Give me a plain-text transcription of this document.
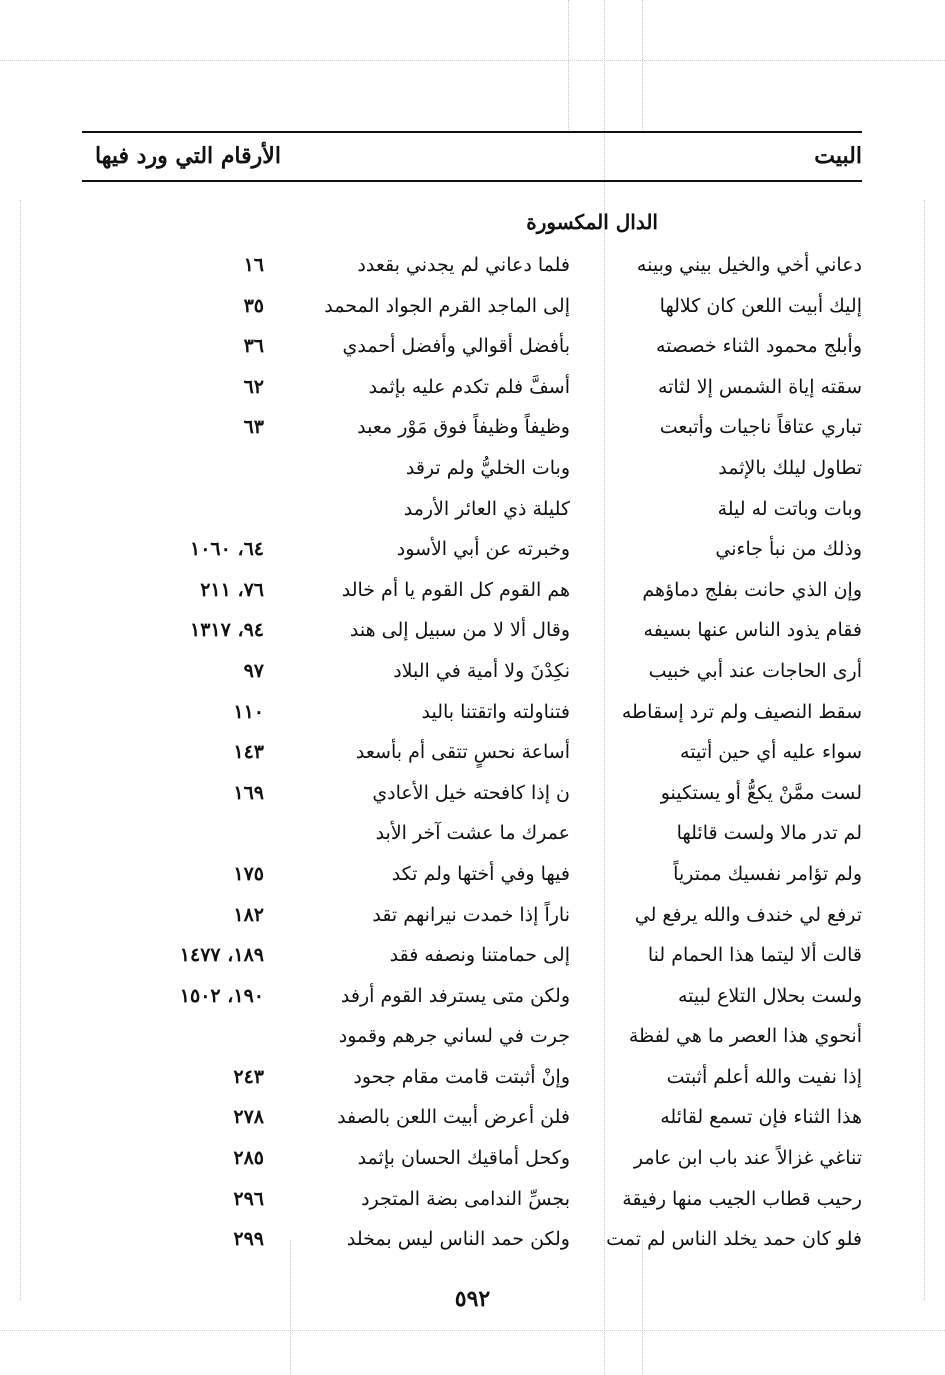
البيت
الأرقام التي ورد فيها
الدال المكسورة
دعاني أخي والخيل بيني وبينه
فلما دعاني لم يجدني بقعدد
١٦
إليك أبيت اللعن كان كلالها
إلى الماجد القرم الجواد المحمد
٣٥
وأبلج محمود الثناء خصصته
بأفضل أقوالي وأفضل أحمدي
٣٦
سقته إياة الشمس إلا لثاته
أسفَّ فلم تكدم عليه بإثمد
٦٢
تباري عتاقاً ناجيات وأتبعت
وظيفاً وظيفاً فوق مَوْر معبد
٦٣
تطاول ليلك بالإثمد
وبات الخليُّ ولم ترقد
وبات وباتت له ليلة
كليلة ذي العائر الأرمد
وذلك من نبأ جاءني
وخبرته عن أبي الأسود
٦٤، ١٠٦٠
وإن الذي حانت بفلج دماؤهم
هم القوم كل القوم يا أم خالد
٧٦، ٢١١
فقام يذود الناس عنها بسيفه
وقال ألا لا من سبيل إلى هند
٩٤، ١٣١٧
أرى الحاجات عند أبي خبيب
نكِدْنَ ولا أمية في البلاد
٩٧
سقط النصيف ولم ترد إسقاطه
فتناولته واتقتنا باليد
١١٠
سواء عليه أي حين أتيته
أساعة نحسٍ تتقى أم بأسعد
١٤٣
لست ممَّنْ يكعُّ أو يستكينو
ن إذا كافحته خيل الأعادي
١٦٩
لم تدر مالا ولست قائلها
عمرك ما عشت آخر الأبد
ولم تؤامر نفسيك ممترياً
فيها وفي أختها ولم تكد
١٧٥
ترفع لي خندف والله يرفع لي
ناراً إذا خمدت نيرانهم تقد
١٨٢
قالت ألا ليتما هذا الحمام لنا
إلى حمامتنا ونصفه فقد
١٨٩، ١٤٧٧
ولست بحلال التلاع لبيته
ولكن متى يسترفد القوم أرفد
١٩٠، ١٥٠٢
أنحوي هذا العصر ما هي لفظة
جرت في لساني جرهم وقمود
إذا نفيت والله أعلم أثبتت
وإنْ أثبتت قامت مقام جحود
٢٤٣
هذا الثناء فإن تسمع لقائله
فلن أعرض أبيت اللعن بالصفد
٢٧٨
تناغي غزالاً عند باب ابن عامر
وكحل أماقيك الحسان بإثمد
٢٨٥
رحيب قطاب الجيب منها رفيقة
بجسِّ الندامى بضة المتجرد
٢٩٦
فلو كان حمد يخلد الناس لم تمت
ولكن حمد الناس ليس بمخلد
٢٩٩
٥٩٢
